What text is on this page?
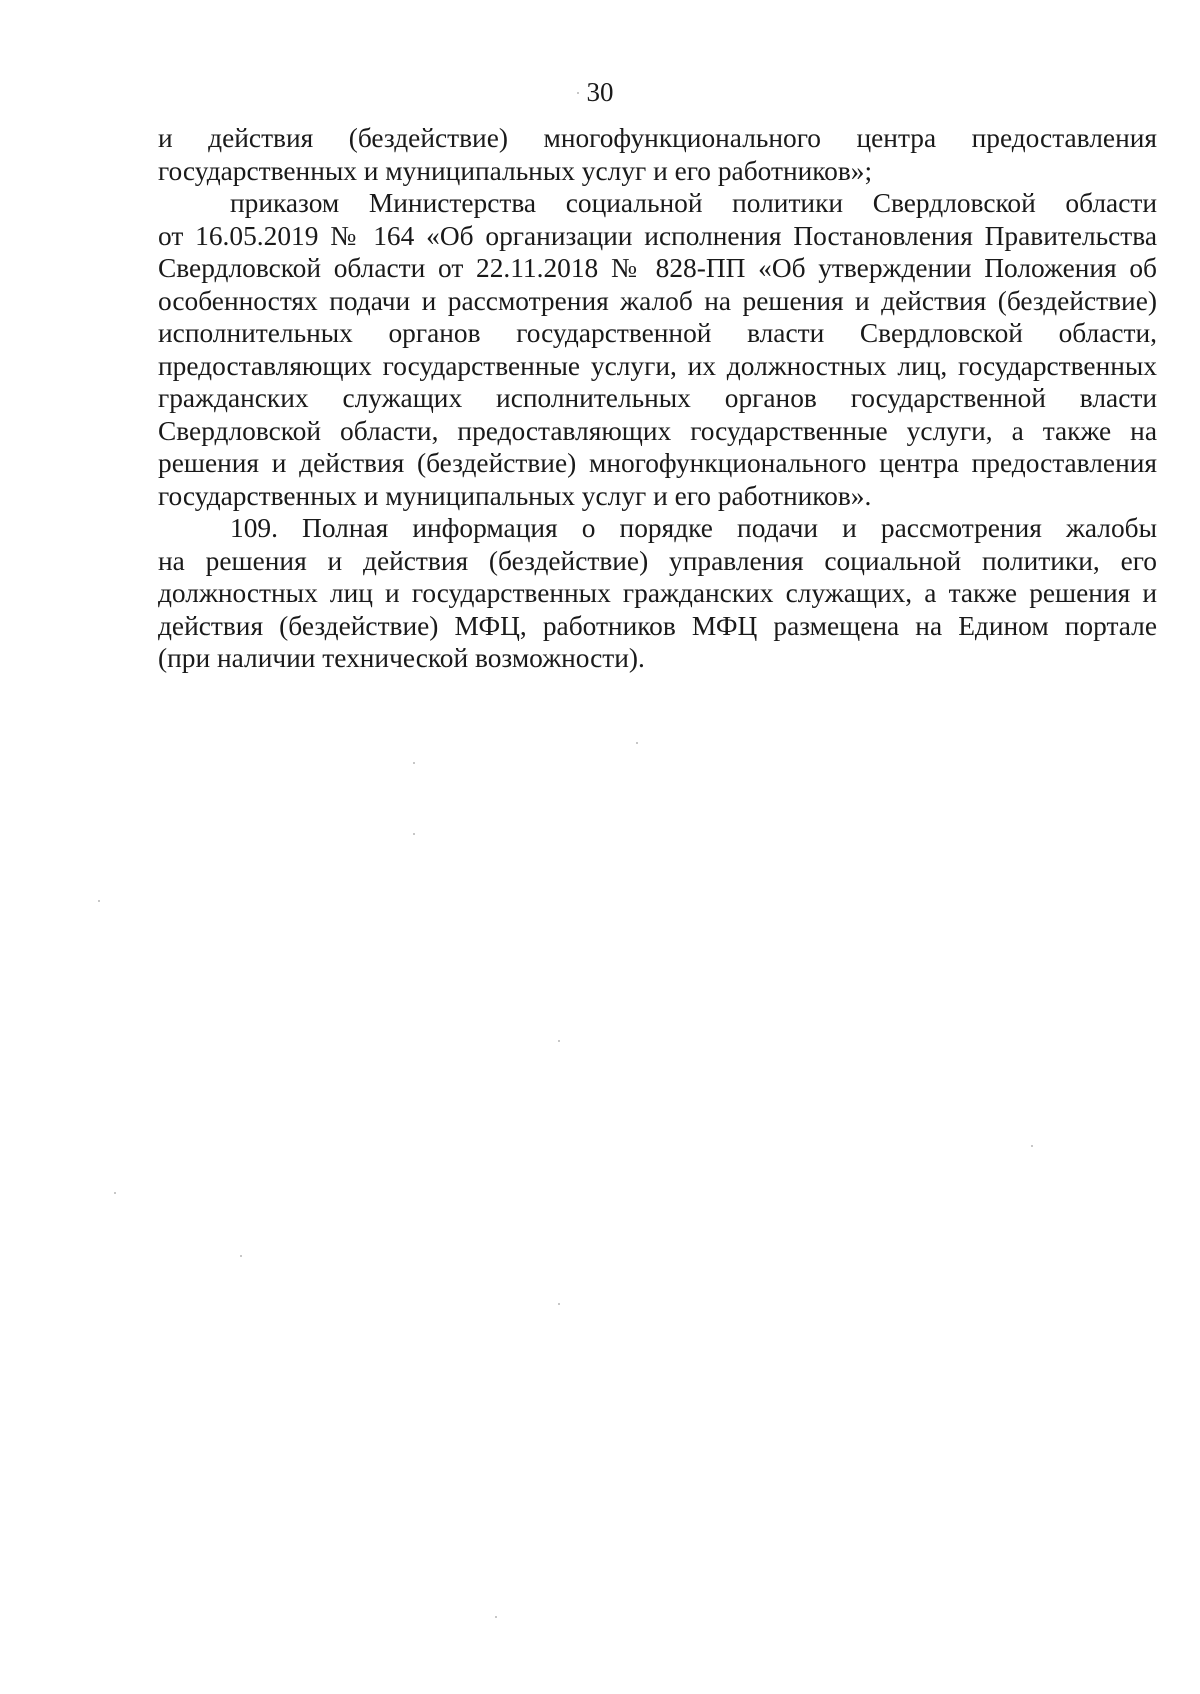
30
и действия (бездействие) многофункционального центра предоставления
государственных и муниципальных услуг и его работников»;
приказом Министерства социальной политики Свердловской области
от 16.05.2019 № 164 «Об организации исполнения Постановления Правительства
Свердловской области от 22.11.2018 № 828-ПП «Об утверждении Положения об
особенностях подачи и рассмотрения жалоб на решения и действия (бездействие)
исполнительных органов государственной власти Свердловской области,
предоставляющих государственные услуги, их должностных лиц, государственных
гражданских служащих исполнительных органов государственной власти
Свердловской области, предоставляющих государственные услуги, а также на
решения и действия (бездействие) многофункционального центра предоставления
государственных и муниципальных услуг и его работников».
109. Полная информация о порядке подачи и рассмотрения жалобы
на решения и действия (бездействие) управления социальной политики, его
должностных лиц и государственных гражданских служащих, а также решения и
действия (бездействие) МФЦ, работников МФЦ размещена на Едином портале
(при наличии технической возможности).
